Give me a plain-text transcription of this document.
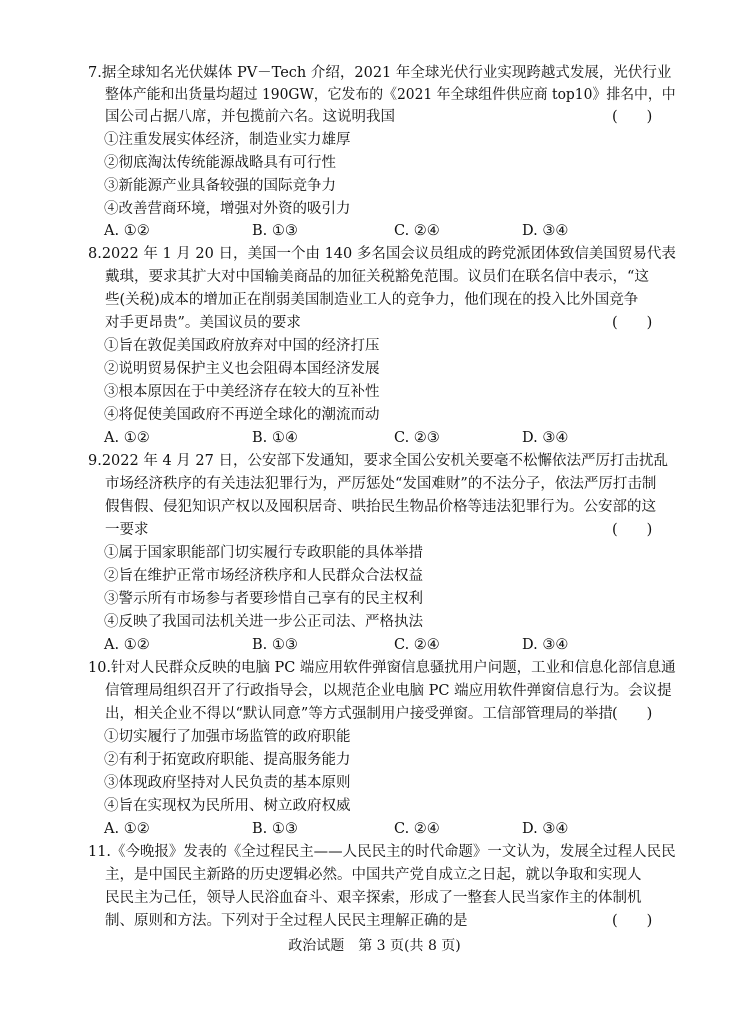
7.据全球知名光伏媒体 PV－Tech 介绍，2021 年全球光伏行业实现跨越式发展，光伏行业
整体产能和出货量均超过 190GW，它发布的《2021 年全球组件供应商 top10》排名中，中
国公司占据八席，并包揽前六名。这说明我国	(　　)
①注重发展实体经济，制造业实力雄厚
②彻底淘汰传统能源战略具有可行性
③新能源产业具备较强的国际竞争力
④改善营商环境，增强对外资的吸引力
A. ①②	B. ①③	C. ②④	D. ③④
8.2022 年 1 月 20 日，美国一个由 140 多名国会议员组成的跨党派团体致信美国贸易代表
戴琪，要求其扩大对中国输美商品的加征关税豁免范围。议员们在联名信中表示，“这
些(关税)成本的增加正在削弱美国制造业工人的竞争力，他们现在的投入比外国竞争
对手更昂贵”。美国议员的要求	(　　)
①旨在敦促美国政府放弃对中国的经济打压
②说明贸易保护主义也会阻碍本国经济发展
③根本原因在于中美经济存在较大的互补性
④将促使美国政府不再逆全球化的潮流而动
A. ①②	B. ①④	C. ②③	D. ③④
9.2022 年 4 月 27 日，公安部下发通知，要求全国公安机关要毫不松懈依法严厉打击扰乱
市场经济秩序的有关违法犯罪行为，严厉惩处“发国难财”的不法分子，依法严厉打击制
假售假、侵犯知识产权以及囤积居奇、哄抬民生物品价格等违法犯罪行为。公安部的这
一要求	(　　)
①属于国家职能部门切实履行专政职能的具体举措
②旨在维护正常市场经济秩序和人民群众合法权益
③警示所有市场参与者要珍惜自己享有的民主权利
④反映了我国司法机关进一步公正司法、严格执法
A. ①②	B. ①③	C. ②④	D. ③④
10.针对人民群众反映的电脑 PC 端应用软件弹窗信息骚扰用户问题，工业和信息化部信息通
信管理局组织召开了行政指导会，以规范企业电脑 PC 端应用软件弹窗信息行为。会议提
出，相关企业不得以“默认同意”等方式强制用户接受弹窗。工信部管理局的举措 (　　)
①切实履行了加强市场监管的政府职能
②有利于拓宽政府职能、提高服务能力
③体现政府坚持对人民负责的基本原则
④旨在实现权为民所用、树立政府权威
A. ①②	B. ①③	C. ②④	D. ③④
11.《今晚报》发表的《全过程民主——人民民主的时代命题》一文认为，发展全过程人民民
主，是中国民主新路的历史逻辑必然。中国共产党自成立之日起，就以争取和实现人
民民主为己任，领导人民浴血奋斗、艰辛探索，形成了一整套人民当家作主的体制机
制、原则和方法。下列对于全过程人民民主理解正确的是	(　　)
政治试题　第 3 页(共 8 页)
